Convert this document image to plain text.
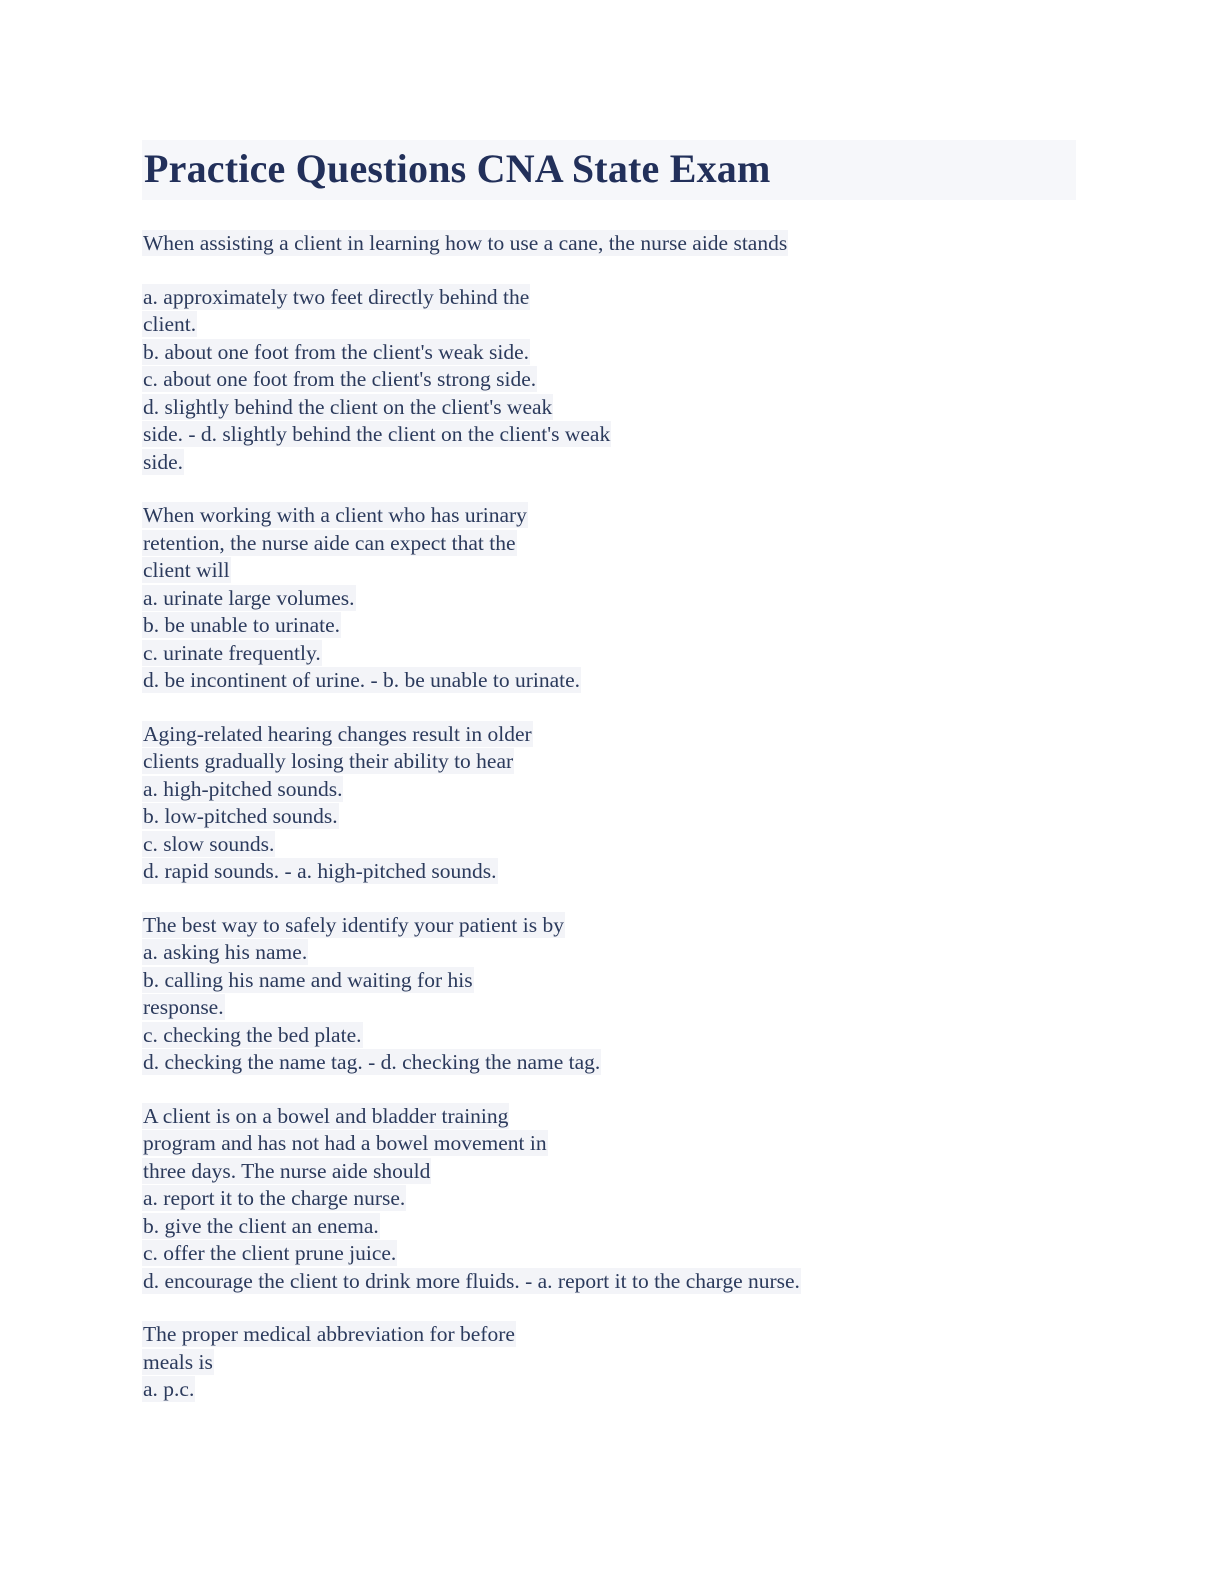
Practice Questions CNA State Exam
When assisting a client in learning how to use a cane, the nurse aide stands
a. approximately two feet directly behind the
client.
b. about one foot from the client's weak side.
c. about one foot from the client's strong side.
d. slightly behind the client on the client's weak
side. - d. slightly behind the client on the client's weak
side.
When working with a client who has urinary
retention, the nurse aide can expect that the
client will
a. urinate large volumes.
b. be unable to urinate.
c. urinate frequently.
d. be incontinent of urine. - b. be unable to urinate.
Aging-related hearing changes result in older
clients gradually losing their ability to hear
a. high-pitched sounds.
b. low-pitched sounds.
c. slow sounds.
d. rapid sounds. - a. high-pitched sounds.
The best way to safely identify your patient is by
a. asking his name.
b. calling his name and waiting for his
response.
c. checking the bed plate.
d. checking the name tag. - d. checking the name tag.
A client is on a bowel and bladder training
program and has not had a bowel movement in
three days. The nurse aide should
a. report it to the charge nurse.
b. give the client an enema.
c. offer the client prune juice.
d. encourage the client to drink more fluids. - a. report it to the charge nurse.
The proper medical abbreviation for before
meals is
a. p.c.
